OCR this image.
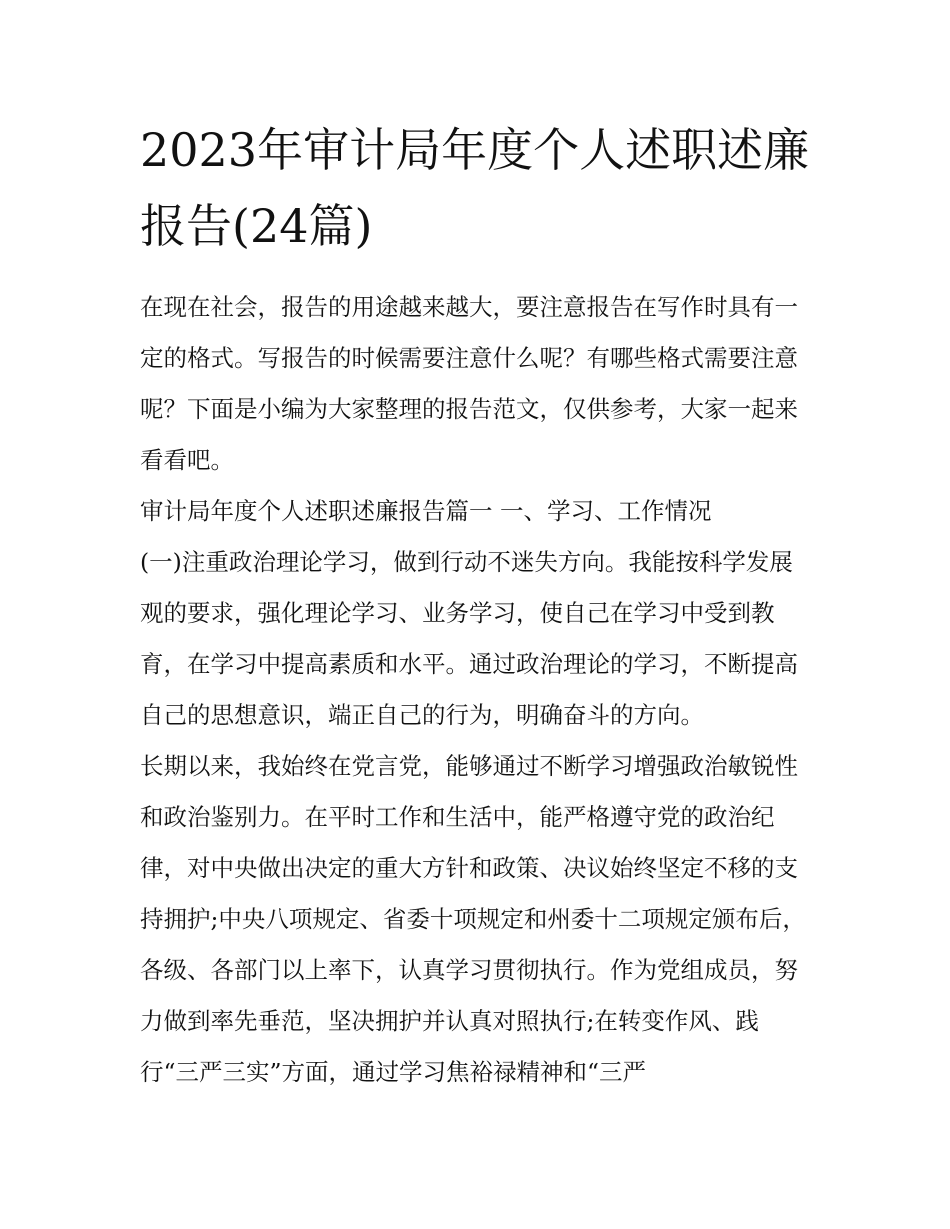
2023年审计局年度个人述职述廉报告(24篇)

在现在社会，报告的用途越来越大，要注意报告在写作时具有一定的格式。写报告的时候需要注意什么呢？有哪些格式需要注意呢？下面是小编为大家整理的报告范文，仅供参考，大家一起来看看吧。

审计局年度个人述职述廉报告篇一 一、学习、工作情况

(一)注重政治理论学习，做到行动不迷失方向。我能按科学发展观的要求，强化理论学习、业务学习，使自己在学习中受到教育，在学习中提高素质和水平。通过政治理论的学习，不断提高自己的思想意识，端正自己的行为，明确奋斗的方向。

长期以来，我始终在党言党，能够通过不断学习增强政治敏锐性和政治鉴别力。在平时工作和生活中，能严格遵守党的政治纪律，对中央做出决定的重大方针和政策、决议始终坚定不移的支持拥护;中央八项规定、省委十项规定和州委十二项规定颁布后，各级、各部门以上率下，认真学习贯彻执行。作为党组成员，努力做到率先垂范，坚决拥护并认真对照执行;在转变作风、践行“三严三实”方面，通过学习焦裕禄精神和“三严
